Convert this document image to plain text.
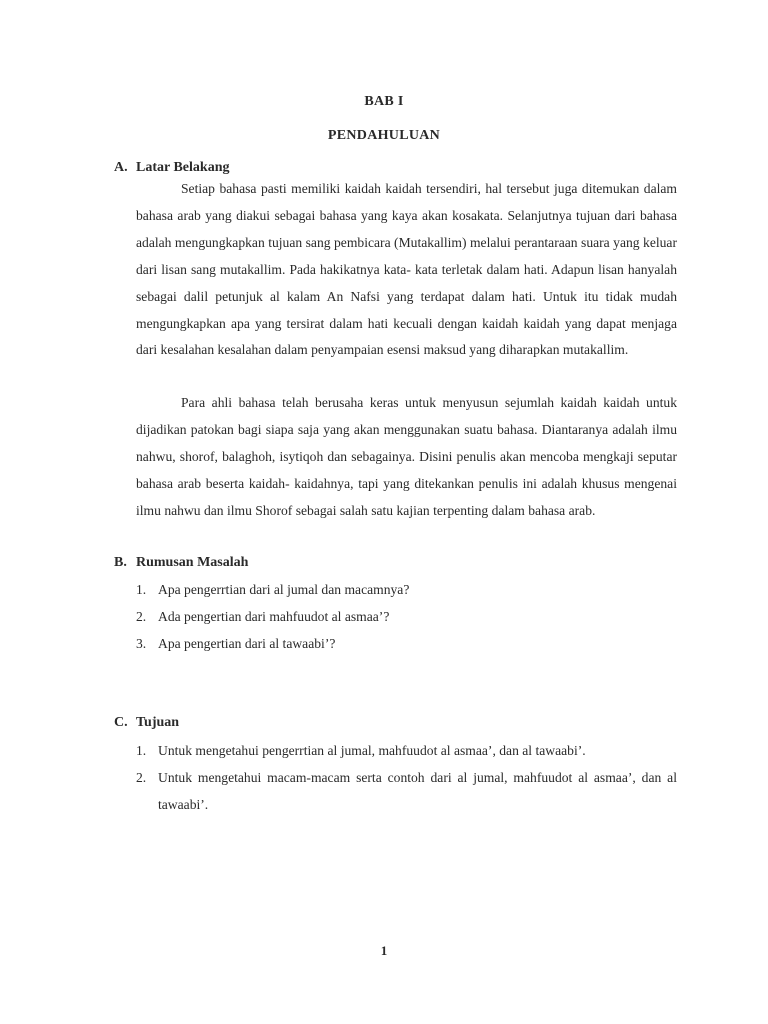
BAB I
PENDAHULUAN
A. Latar Belakang

Setiap bahasa pasti memiliki kaidah kaidah tersendiri, hal tersebut juga ditemukan dalam bahasa arab yang diakui sebagai bahasa yang kaya akan kosakata. Selanjutnya tujuan dari bahasa adalah mengungkapkan tujuan sang pembicara (Mutakallim) melalui perantaraan suara yang keluar dari lisan sang mutakallim. Pada hakikatnya kata- kata terletak dalam hati. Adapun lisan hanyalah sebagai dalil petunjuk al kalam An Nafsi yang terdapat dalam hati. Untuk itu tidak mudah mengungkapkan apa yang tersirat dalam hati kecuali dengan kaidah kaidah yang dapat menjaga dari kesalahan kesalahan dalam penyampaian esensi maksud yang diharapkan mutakallim.

Para ahli bahasa telah berusaha keras untuk menyusun sejumlah kaidah kaidah untuk dijadikan patokan bagi siapa saja yang akan menggunakan suatu bahasa. Diantaranya adalah ilmu nahwu, shorof, balaghoh, isytiqoh dan sebagainya. Disini penulis akan mencoba mengkaji seputar bahasa arab beserta kaidah- kaidahnya, tapi yang ditekankan penulis ini adalah khusus mengenai ilmu nahwu dan ilmu Shorof sebagai salah satu kajian terpenting dalam bahasa arab.

B. Rumusan Masalah
1. Apa pengerrtian dari al jumal dan macamnya?
2. Ada pengertian dari mahfuudot al asmaa’?
3. Apa pengertian dari al tawaabi’?
C. Tujuan
1. Untuk mengetahui pengerrtian al jumal, mahfuudot al asmaa’, dan al tawaabi’.
2. Untuk mengetahui macam-macam serta contoh dari al jumal, mahfuudot al asmaa’, dan al tawaabi’.
1
